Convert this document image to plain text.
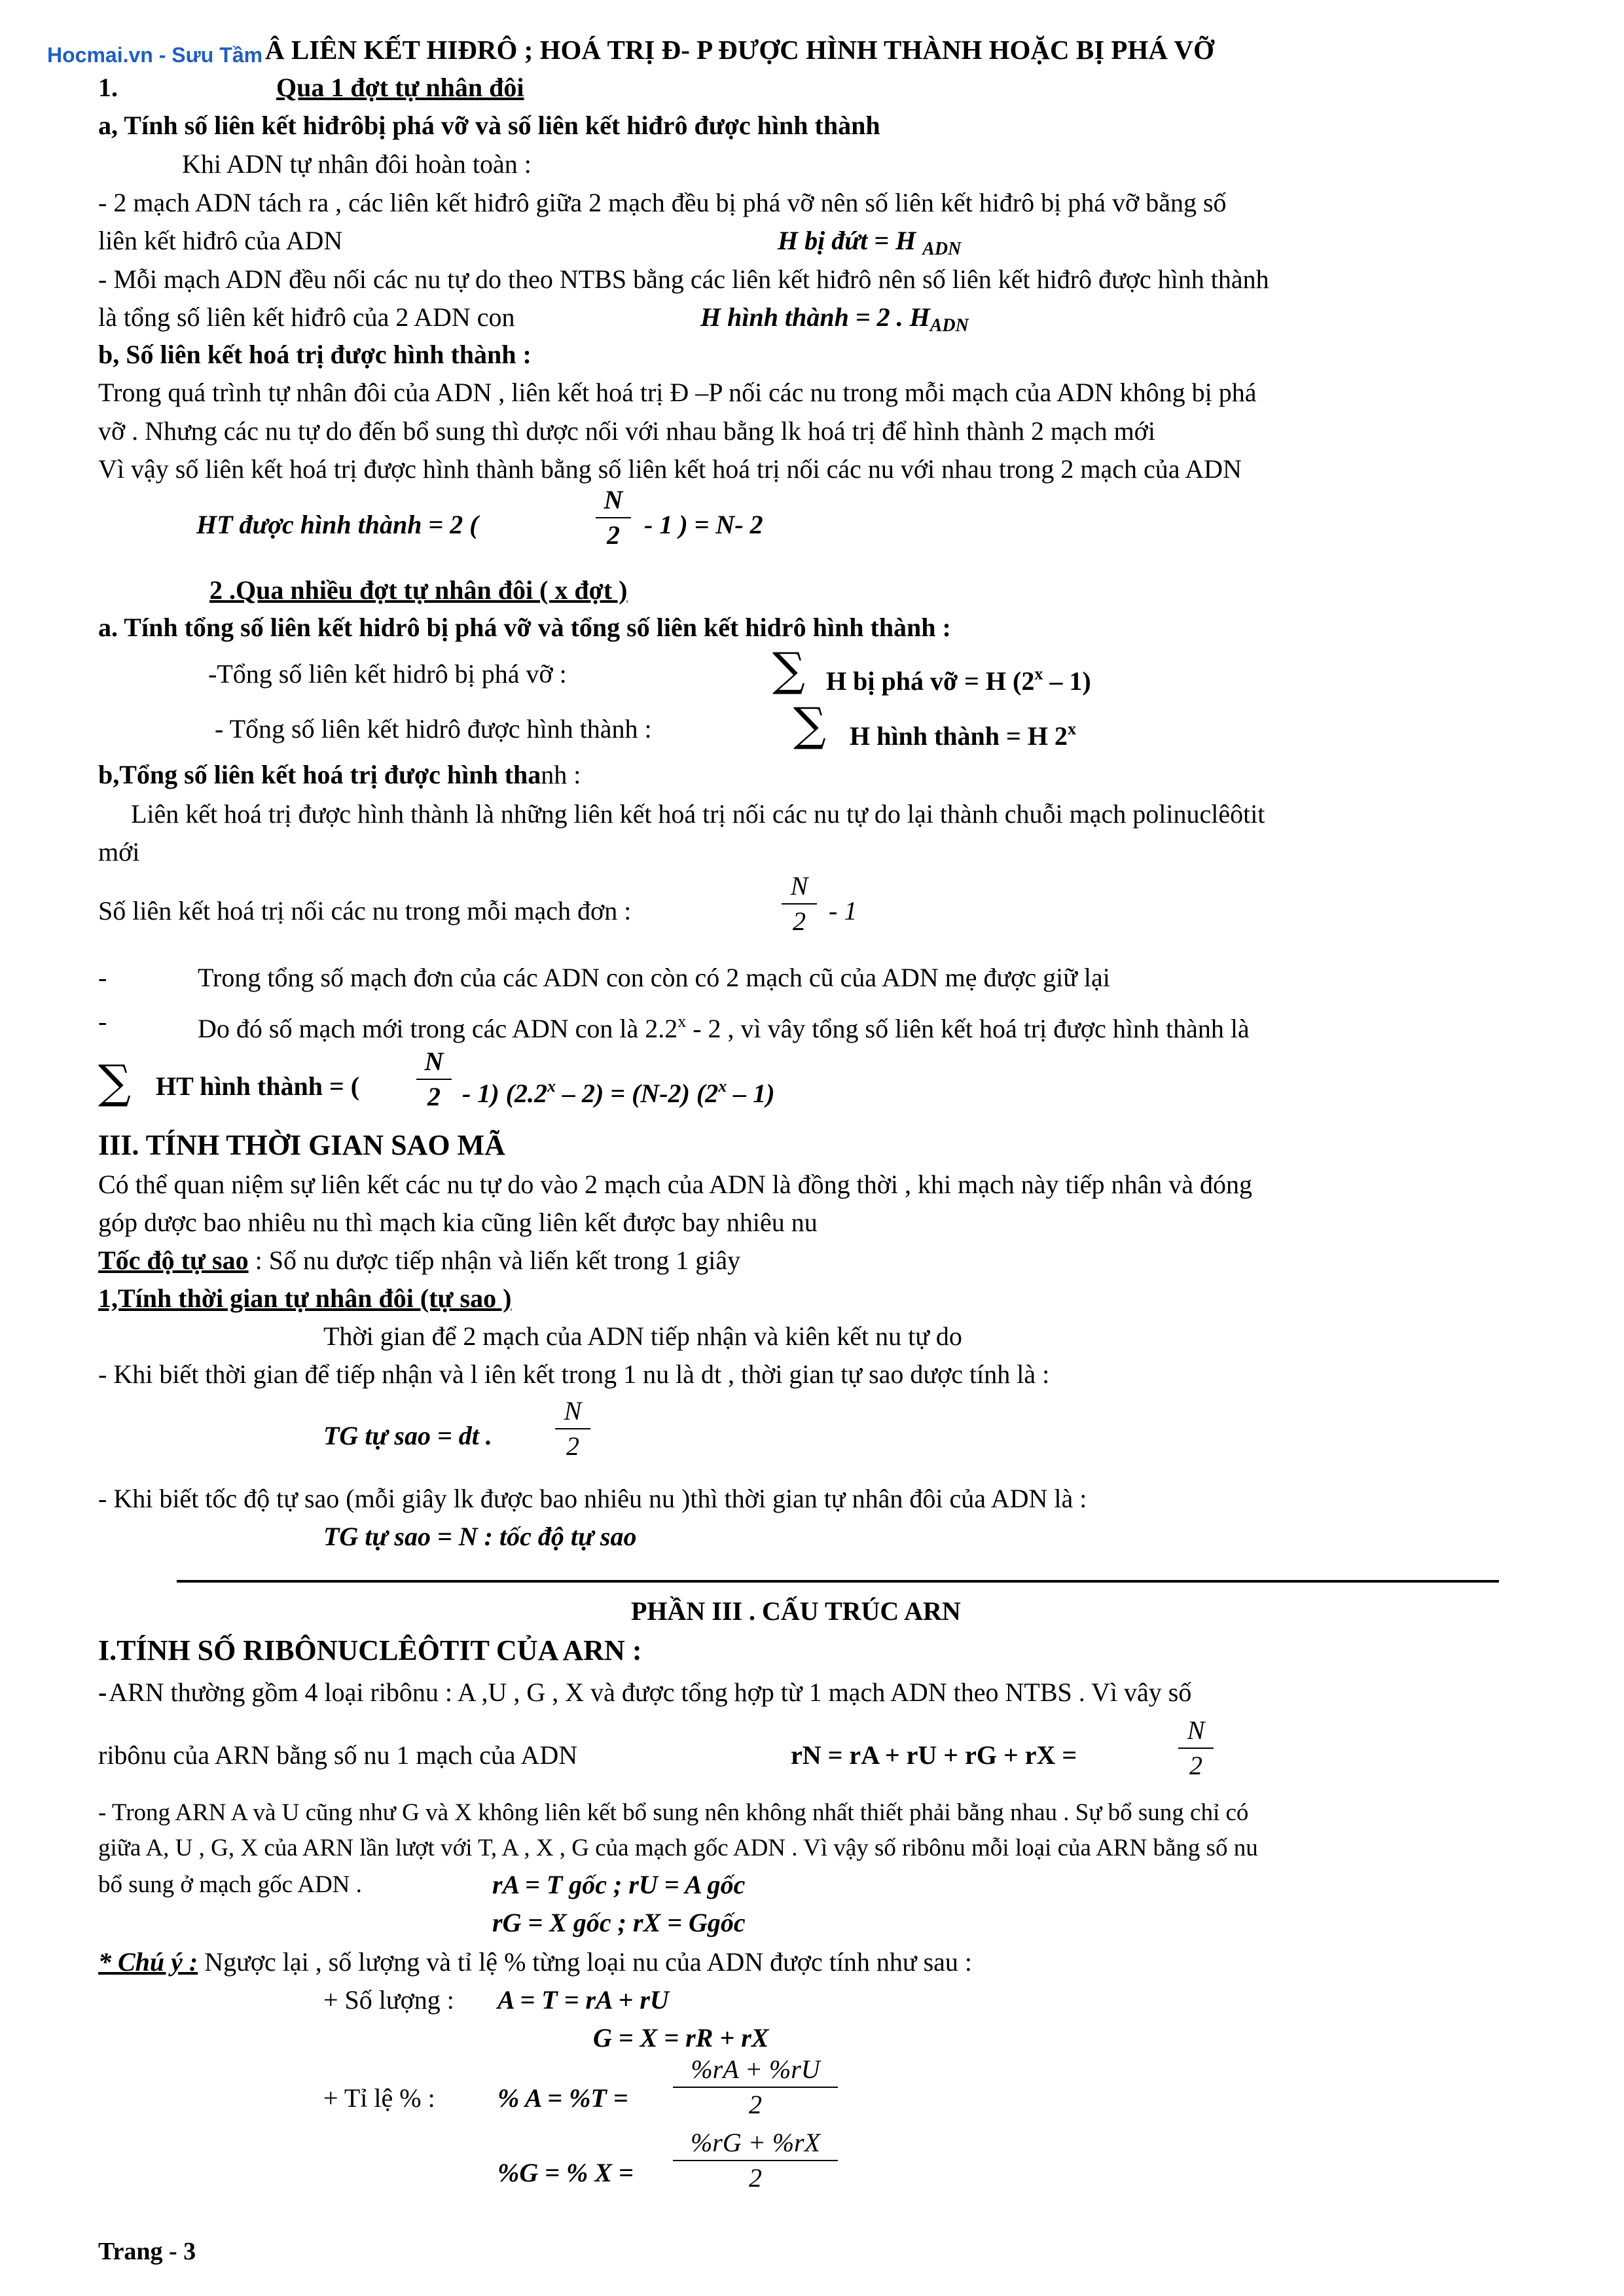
Hocmai.vn - Sưu Tầm Â LIÊN KẾT HIĐRÔ ; HOÁ TRỊ Đ- P ĐƯỢC HÌNH THÀNH HOẶC BỊ PHÁ VỠ
1.	Qua 1 đợt tự nhân đôi
a, Tính số liên kết hiđrôbị phá vỡ và số liên kết hiđrô được hình thành
Khi ADN tự nhân đôi hoàn toàn :
- 2 mạch ADN tách ra , các liên kết hiđrô giữa 2 mạch đều bị phá vỡ nên số liên kết hiđrô bị phá vỡ bằng số
liên kết hiđrô của ADN	H bị đứt = H $_{ADN}$
- Mỗi mạch ADN đều nối các nu tự do theo NTBS bằng các liên kết hiđrô nên số liên kết hiđrô được hình thành
là tổng số liên kết hiđrô của 2 ADN con	H hình thành = 2 . $H_{ADN}$
b, Số liên kết hoá trị được hình thành :
Trong quá trình tự nhân đôi của ADN , liên kết hoá trị Đ –P nối các nu trong mỗi mạch của ADN không bị phá
vỡ . Nhưng các nu tự do đến bổ sung thì dược nối với nhau bằng lk hoá trị để hình thành 2 mạch mới
Vì vậy số liên kết hoá trị được hình thành bằng số liên kết hoá trị nối các nu với nhau trong 2 mạch của ADN
HT được hình thành = 2 (
N
2 - 1 ) = N- 2
2 .Qua nhiều đợt tự nhân đôi ( x đợt )
a. Tính tổng số liên kết hidrô bị phá vỡ và tổng số liên kết hidrô hình thành :
-Tổng số liên kết hidrô bị phá vỡ :	∑ H bị phá vỡ = H (2$^x$ – 1)
- Tổng số liên kết hidrô được hình thành :	∑ H hình thành = H 2$^x$
b,Tổng số liên kết hoá trị được hình thanh :
Liên kết hoá trị được hình thành là những liên kết hoá trị nối các nu tự do lại thành chuỗi mạch polinuclêôtit
mới
Số liên kết hoá trị nối các nu trong mỗi mạch đơn :
N
2 - 1
-	Trong tổng số mạch đơn của các ADN con còn có 2 mạch cũ của ADN mẹ được giữ lại
-	Do đó số mạch mới trong các ADN con là 2.2$^x$ - 2 , vì vây tổng số liên kết hoá trị được hình thành là
∑ HT hình thành = (
N
2 - 1) (2.2$^x$ – 2) = (N-2) (2$^x$ – 1)
III. TÍNH THỜI GIAN SAO MÃ
Có thể quan niệm sự liên kết các nu tự do vào 2 mạch của ADN là đồng thời , khi mạch này tiếp nhân và đóng
góp dược bao nhiêu nu thì mạch kia cũng liên kết được bay nhiêu nu
Tốc độ tự sao : Số nu dược tiếp nhận và liến kết trong 1 giây
1,Tính thời gian tự nhân đôi (tự sao )
Thời gian để 2 mạch của ADN tiếp nhận và kiên kết nu tự do
- Khi biết thời gian để tiếp nhận và l iên kết trong 1 nu là dt , thời gian tự sao dược tính là :
TG tự sao = dt .
N
2
- Khi biết tốc độ tự sao (mỗi giây lk được bao nhiêu nu )thì thời gian tự nhân đôi của ADN là :
TG tự sao = N : tốc độ tự sao
PHẦN III . CẤU TRÚC ARN
I.TÍNH SỐ RIBÔNUCLÊÔTIT CỦA ARN :
- ARN thường gồm 4 loại ribônu : A ,U , G , X và được tổng hợp từ 1 mạch ADN theo NTBS . Vì vây số
ribônu của ARN bằng số nu 1 mạch của ADN	rN = rA + rU + rG + rX =
N
2
- Trong ARN A và U cũng như G và X không liên kết bổ sung nên không nhất thiết phải bằng nhau . Sự bổ sung chỉ có
giữa A, U , G, X của ARN lần lượt với T, A , X , G của mạch gốc ADN . Vì vậy số ribônu mỗi loại của ARN bằng số nu
bổ sung ở mạch gốc ADN .	rA = T gốc ; rU = A gốc
rG = X gốc ; rX = Ggốc
* Chú ý : Ngược lại , số lượng và tỉ lệ % từng loại nu của ADN được tính như sau :
+ Số lượng : A = T = rA + rU
G = X = rR + rX
+ Tỉ lệ % : % A = %T =
%rA + %rU
2
%G = % X =
%rG + %rX
2
Trang - 3
